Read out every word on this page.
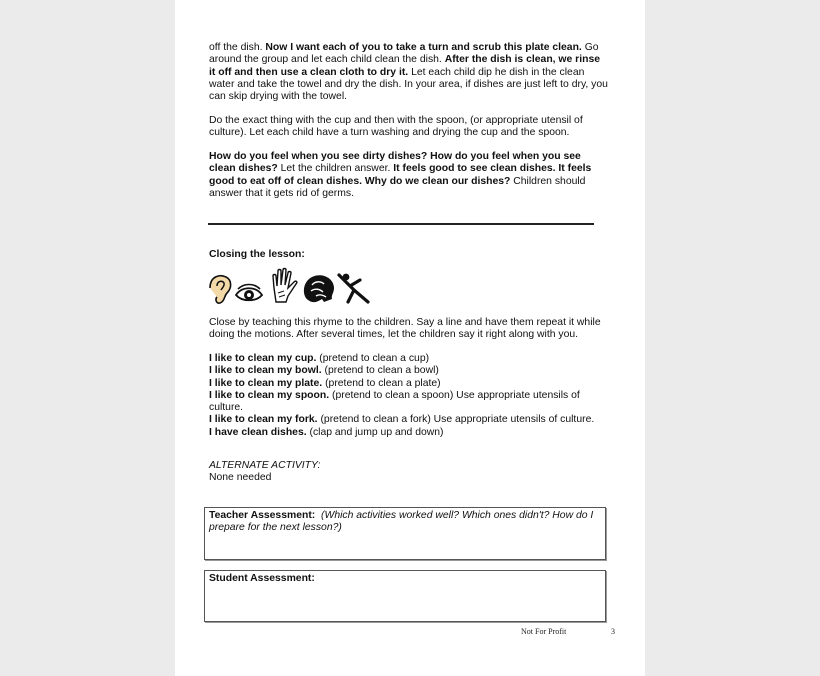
off the dish. Now I want each of you to take a turn and scrub this plate clean. Go around the group and let each child clean the dish. After the dish is clean, we rinse it off and then use a clean cloth to dry it. Let each child dip he dish in the clean water and take the towel and dry the dish. In your area, if dishes are just left to dry, you can skip drying with the towel.
Do the exact thing with the cup and then with the spoon, (or appropriate utensil of culture). Let each child have a turn washing and drying the cup and the spoon.
How do you feel when you see dirty dishes? How do you feel when you see clean dishes? Let the children answer. It feels good to see clean dishes. It feels good to eat off of clean dishes. Why do we clean our dishes? Children should answer that it gets rid of germs.
Closing the lesson:
Close by teaching this rhyme to the children. Say a line and have them repeat it while doing the motions. After several times, let the children say it right along with you.
I like to clean my cup. (pretend to clean a cup)
I like to clean my bowl. (pretend to clean a bowl)
I like to clean my plate. (pretend to clean a plate)
I like to clean my spoon. (pretend to clean a spoon) Use appropriate utensils of culture.
I like to clean my fork. (pretend to clean a fork) Use appropriate utensils of culture.
I have clean dishes. (clap and jump up and down)
ALTERNATE ACTIVITY:
None needed
Teacher Assessment: (Which activities worked well? Which ones didn't? How do I prepare for the next lesson?)
Student Assessment:
Not For Profit	3
